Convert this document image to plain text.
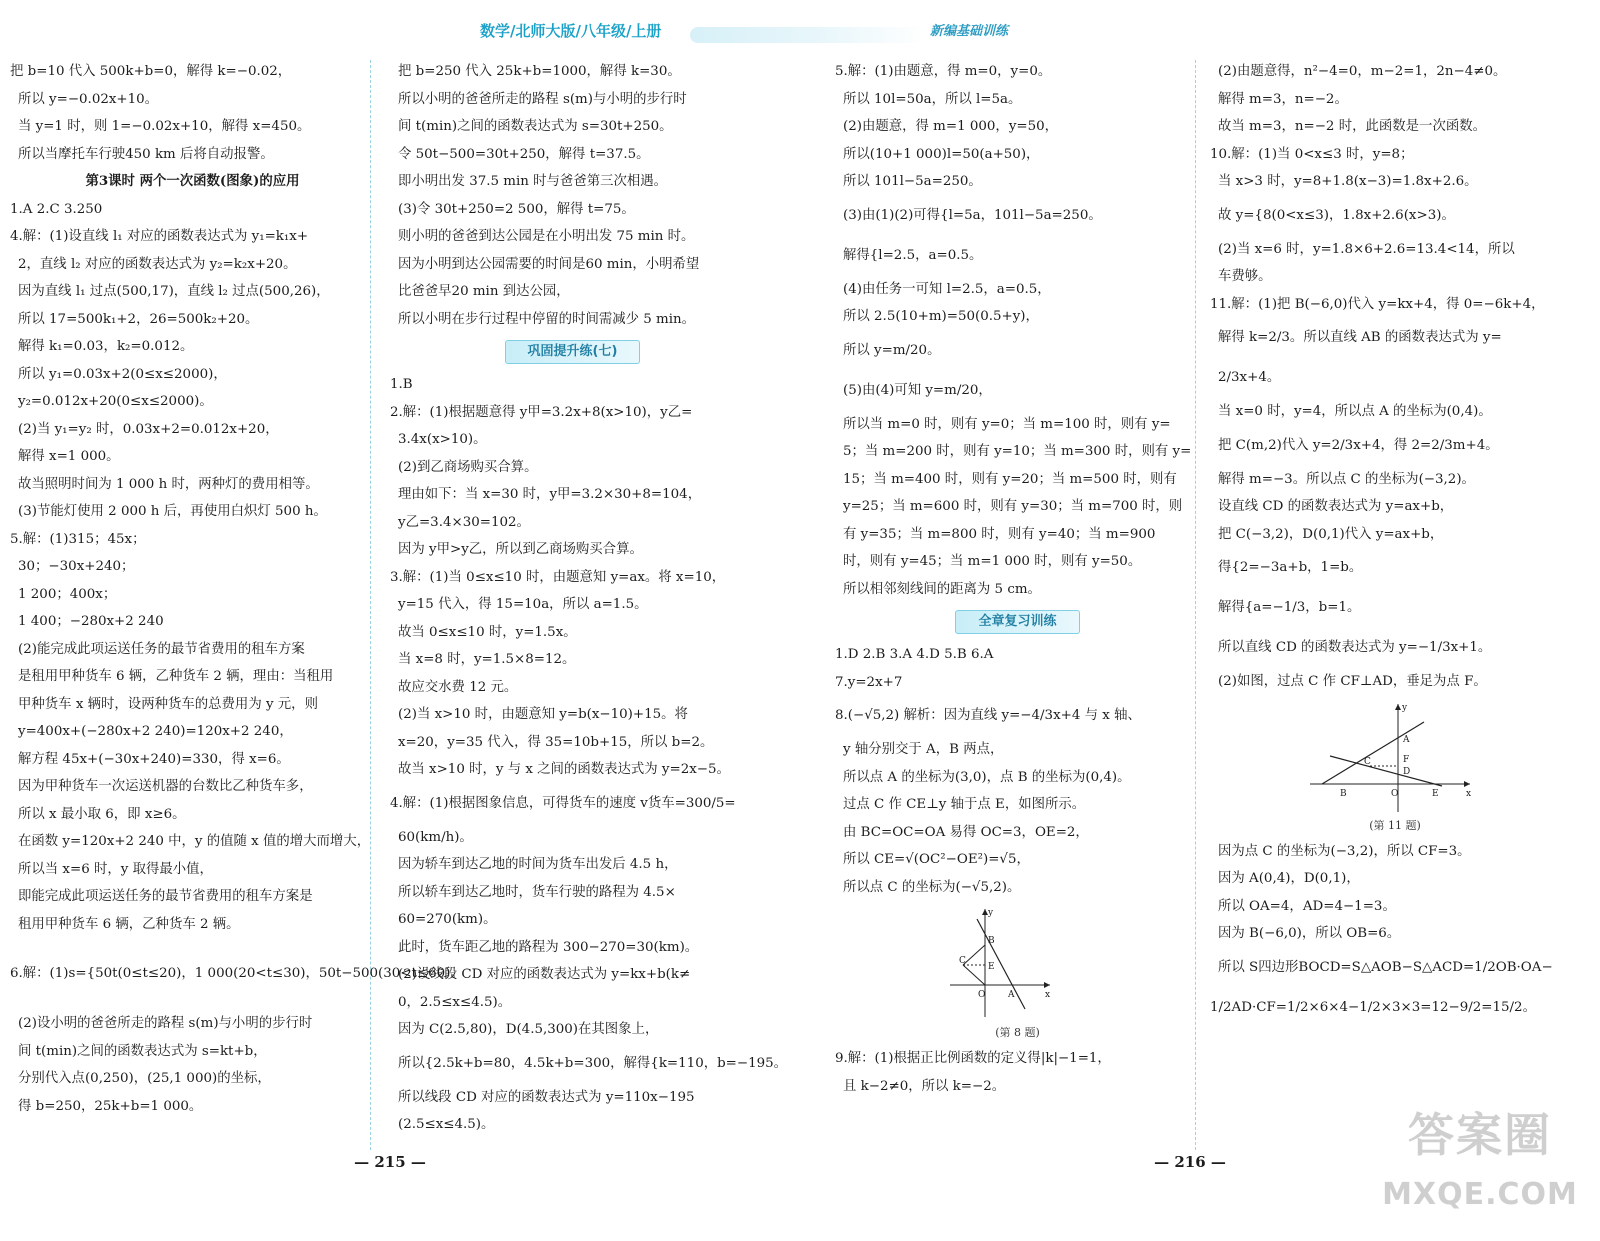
数学/北师大版/八年级/上册	新编基础训练
把 b=10 代入 500k+b=0，解得 k=−0.02，
所以 y=−0.02x+10。
当 y=1 时，则 1=−0.02x+10，解得 x=450。
所以当摩托车行驶450 km 后将自动报警。
第3课时 两个一次函数(图象)的应用
1.A 2.C 3.250
4.解：(1)设直线 l₁ 对应的函数表达式为 y₁=k₁x+
2，直线 l₂ 对应的函数表达式为 y₂=k₂x+20。
因为直线 l₁ 过点(500,17)，直线 l₂ 过点(500,26)，
所以 17=500k₁+2，26=500k₂+20。
解得 k₁=0.03，k₂=0.012。
所以 y₁=0.03x+2(0≤x≤2000)，
y₂=0.012x+20(0≤x≤2000)。
(2)当 y₁=y₂ 时，0.03x+2=0.012x+20，
解得 x=1 000。
故当照明时间为 1 000 h 时，两种灯的费用相等。
(3)节能灯使用 2 000 h 后，再使用白炽灯 500 h。
5.解：(1)315；45x；
30；−30x+240；
1 200；400x；
1 400；−280x+2 240
(2)能完成此项运送任务的最节省费用的租车方案
是租用甲种货车 6 辆，乙种货车 2 辆，理由：当租用
甲种货车 x 辆时，设两种货车的总费用为 y 元，则
y=400x+(−280x+2 240)=120x+2 240，
解方程 45x+(−30x+240)=330，得 x=6。
因为甲种货车一次运送机器的台数比乙种货车多，
所以 x 最小取 6，即 x≥6。
在函数 y=120x+2 240 中，y 的值随 x 值的增大而增大，
所以当 x=6 时，y 取得最小值，
即能完成此项运送任务的最节省费用的租车方案是
租用甲种货车 6 辆，乙种货车 2 辆。
6.解：(1)s={50t(0≤t≤20)，1 000(20<t≤30)，50t−500(30<t≤60)。
(2)设小明的爸爸所走的路程 s(m)与小明的步行时
间 t(min)之间的函数表达式为 s=kt+b，
分别代入点(0,250)，(25,1 000)的坐标，
得 b=250，25k+b=1 000。
把 b=250 代入 25k+b=1000，解得 k=30。
所以小明的爸爸所走的路程 s(m)与小明的步行时
间 t(min)之间的函数表达式为 s=30t+250。
令 50t−500=30t+250，解得 t=37.5。
即小明出发 37.5 min 时与爸爸第三次相遇。
(3)令 30t+250=2 500，解得 t=75。
则小明的爸爸到达公园是在小明出发 75 min 时。
因为小明到达公园需要的时间是60 min，小明希望
比爸爸早20 min 到达公园，
所以小明在步行过程中停留的时间需减少 5 min。
巩固提升练(七)
1.B
2.解：(1)根据题意得 y甲=3.2x+8(x>10)，y乙=
3.4x(x>10)。
(2)到乙商场购买合算。
理由如下：当 x=30 时，y甲=3.2×30+8=104，
y乙=3.4×30=102。
因为 y甲>y乙，所以到乙商场购买合算。
3.解：(1)当 0≤x≤10 时，由题意知 y=ax。将 x=10，
y=15 代入，得 15=10a，所以 a=1.5。
故当 0≤x≤10 时，y=1.5x。
当 x=8 时，y=1.5×8=12。
故应交水费 12 元。
(2)当 x>10 时，由题意知 y=b(x−10)+15。将
x=20，y=35 代入，得 35=10b+15，所以 b=2。
故当 x>10 时，y 与 x 之间的函数表达式为 y=2x−5。
4.解：(1)根据图象信息，可得货车的速度 v货车=300/5=
60(km/h)。
因为轿车到达乙地的时间为货车出发后 4.5 h，
所以轿车到达乙地时，货车行驶的路程为 4.5×
60=270(km)。
此时，货车距乙地的路程为 300−270=30(km)。
(2)设线段 CD 对应的函数表达式为 y=kx+b(k≠
0，2.5≤x≤4.5)。
因为 C(2.5,80)，D(4.5,300)在其图象上，
所以{2.5k+b=80，4.5k+b=300，解得{k=110，b=−195。
所以线段 CD 对应的函数表达式为 y=110x−195
(2.5≤x≤4.5)。
5.解：(1)由题意，得 m=0，y=0。
所以 10l=50a，所以 l=5a。
(2)由题意，得 m=1 000，y=50，
所以(10+1 000)l=50(a+50)，
所以 101l−5a=250。
(3)由(1)(2)可得{l=5a，101l−5a=250。
解得{l=2.5，a=0.5。
(4)由任务一可知 l=2.5，a=0.5，
所以 2.5(10+m)=50(0.5+y)，
所以 y=m/20。
(5)由(4)可知 y=m/20，
所以当 m=0 时，则有 y=0；当 m=100 时，则有 y=
5；当 m=200 时，则有 y=10；当 m=300 时，则有 y=
15；当 m=400 时，则有 y=20；当 m=500 时，则有
y=25；当 m=600 时，则有 y=30；当 m=700 时，则
有 y=35；当 m=800 时，则有 y=40；当 m=900
时，则有 y=45；当 m=1 000 时，则有 y=50。
所以相邻刻线间的距离为 5 cm。
全章复习训练
1.D 2.B 3.A 4.D 5.B 6.A
7.y=2x+7
8.(−√5,2) 解析：因为直线 y=−4/3x+4 与 x 轴、
y 轴分别交于 A，B 两点，
所以点 A 的坐标为(3,0)，点 B 的坐标为(0,4)。
过点 C 作 CE⊥y 轴于点 E，如图所示。
由 BC=OC=OA 易得 OC=3，OE=2，
所以 CE=√(OC²−OE²)=√5，
所以点 C 的坐标为(−√5,2)。
C
B
E
O	A
y
x
(第 8 题)
9.解：(1)根据正比例函数的定义得|k|−1=1，
且 k−2≠0，所以 k=−2。
(2)由题意得，n²−4=0，m−2=1，2n−4≠0。
解得 m=3，n=−2。
故当 m=3，n=−2 时，此函数是一次函数。
10.解：(1)当 0<x≤3 时，y=8；
当 x>3 时，y=8+1.8(x−3)=1.8x+2.6。
故 y={8(0<x≤3)，1.8x+2.6(x>3)。
(2)当 x=6 时，y=1.8×6+2.6=13.4<14，所以
车费够。
11.解：(1)把 B(−6,0)代入 y=kx+4，得 0=−6k+4，
解得 k=2/3。所以直线 AB 的函数表达式为 y=
2/3x+4。
当 x=0 时，y=4，所以点 A 的坐标为(0,4)。
把 C(m,2)代入 y=2/3x+4，得 2=2/3m+4。
解得 m=−3。所以点 C 的坐标为(−3,2)。
设直线 CD 的函数表达式为 y=ax+b，
把 C(−3,2)，D(0,1)代入 y=ax+b，
得{2=−3a+b，1=b。
解得{a=−1/3，b=1。
所以直线 CD 的函数表达式为 y=−1/3x+1。
(2)如图，过点 C 作 CF⊥AD，垂足为点 F。
B
C
A
F
D
O	E
y
x
(第 11 题)
因为点 C 的坐标为(−3,2)，所以 CF=3。
因为 A(0,4)，D(0,1)，
所以 OA=4，AD=4−1=3。
因为 B(−6,0)，所以 OB=6。
所以 S四边形BOCD=S△AOB−S△ACD=1/2OB·OA−
1/2AD·CF=1/2×6×4−1/2×3×3=12−9/2=15/2。
— 215 —	— 216 —	答案圈
MXQE.COM
